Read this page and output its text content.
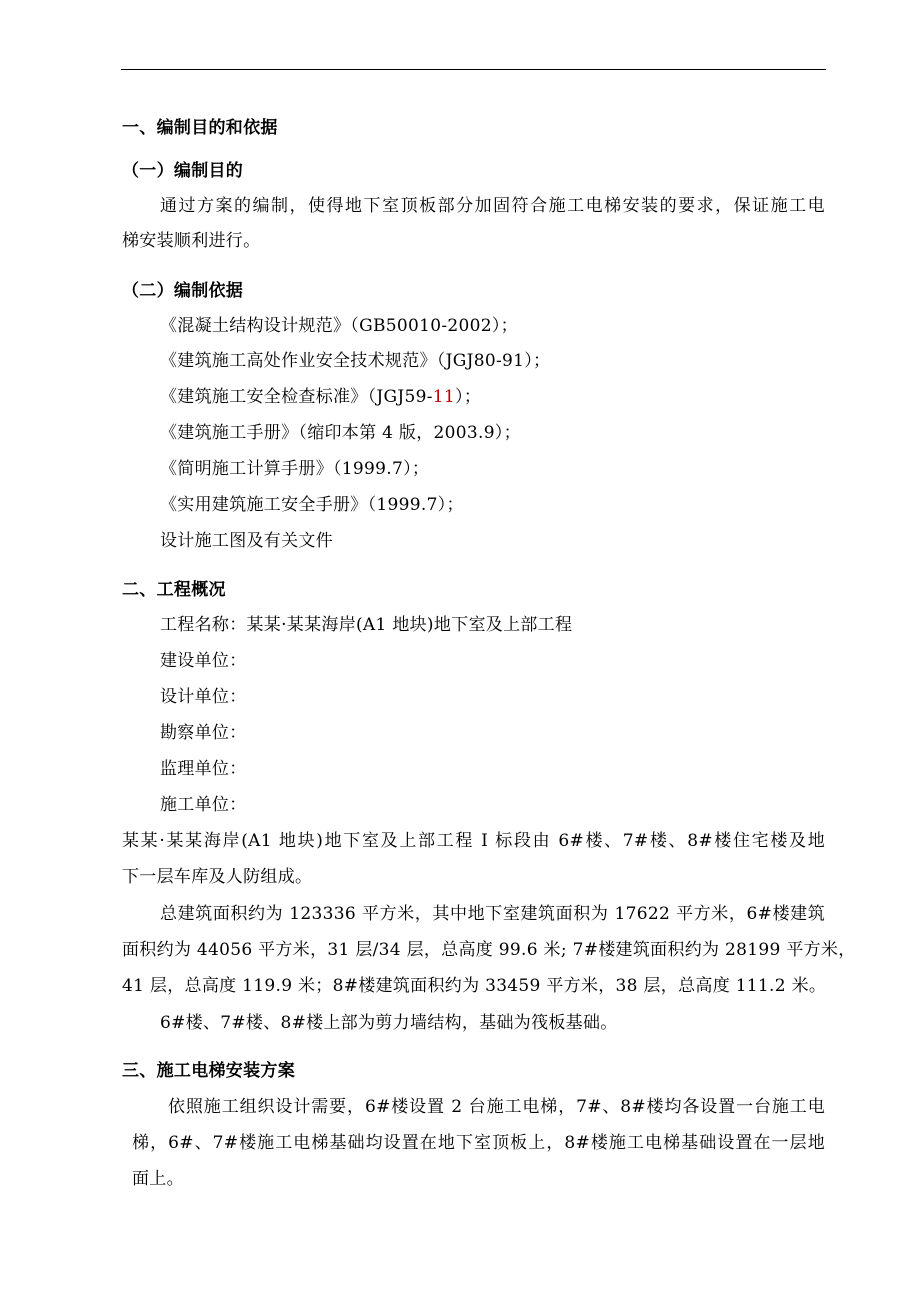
一、编制目的和依据
（一）编制目的
通过方案的编制，使得地下室顶板部分加固符合施工电梯安装的要求，保证施工电
梯安装顺利进行。
（二）编制依据
《混凝土结构设计规范》（GB50010-2002）；
《建筑施工高处作业安全技术规范》（JGJ80-91）；
《建筑施工安全检查标准》（JGJ59-11）；
《建筑施工手册》（缩印本第 4 版，2003.9）；
《简明施工计算手册》（1999.7）；
《实用建筑施工安全手册》（1999.7）；
设计施工图及有关文件
二、工程概况
工程名称：某某·某某海岸(A1 地块)地下室及上部工程
建设单位：
设计单位：
勘察单位：
监理单位：
施工单位：
某某·某某海岸(A1 地块)地下室及上部工程 I 标段由 6#楼、7#楼、8#楼住宅楼及地
下一层车库及人防组成。
总建筑面积约为 123336 平方米，其中地下室建筑面积为 17622 平方米，6#楼建筑
面积约为 44056 平方米，31 层/34 层，总高度 99.6 米; 7#楼建筑面积约为 28199 平方米，
41 层，总高度 119.9 米；8#楼建筑面积约为 33459 平方米，38 层，总高度 111.2 米。
6#楼、7#楼、8#楼上部为剪力墙结构，基础为筏板基础。
三、施工电梯安装方案
依照施工组织设计需要，6#楼设置 2 台施工电梯，7#、8#楼均各设置一台施工电
梯，6#、7#楼施工电梯基础均设置在地下室顶板上，8#楼施工电梯基础设置在一层地
面上。
